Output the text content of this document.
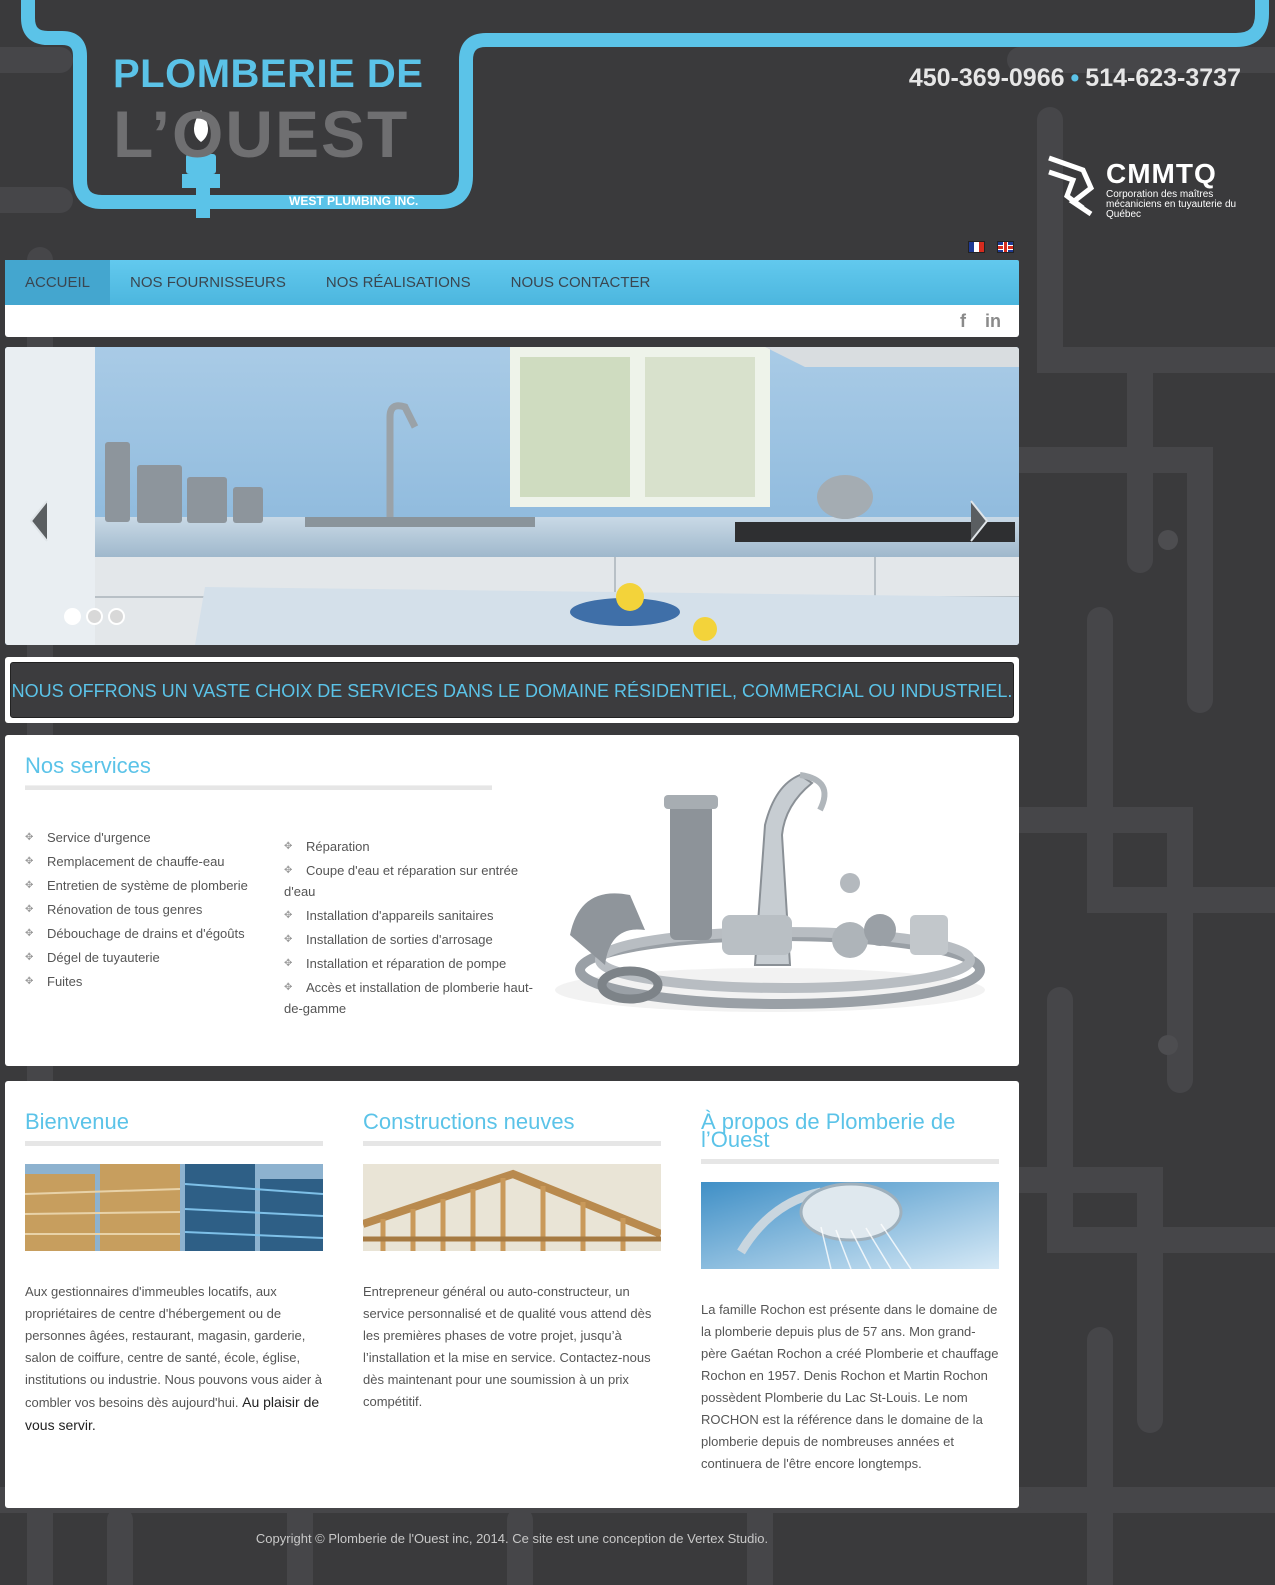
PLOMBERIE DE
L’OUEST
WEST PLUMBING INC.
450-369-0966 • 514-623-3737
CMMTQ
Corporation des maîtres mécaniciens en tuyauterie du Québec
ACCUEIL	NOS FOURNISSEURS	NOS RÉALISATIONS	NOUS CONTACTER
f in
NOUS OFFRONS UN VASTE CHOIX DE SERVICES DANS LE DOMAINE RÉSIDENTIEL, COMMERCIAL OU INDUSTRIEL.
Nos services
✥ Service d'urgence
✥ Remplacement de chauffe-eau
✥ Entretien de système de plomberie
✥ Rénovation de tous genres
✥ Débouchage de drains et d'égoûts
✥ Dégel de tuyauterie
✥ Fuites
✥ Réparation
✥ Coupe d'eau et réparation sur entrée d'eau
✥ Installation d'appareils sanitaires
✥ Installation de sorties d'arrosage
✥ Installation et réparation de pompe
✥ Accès et installation de plomberie haut-de-gamme
Bienvenue
Aux gestionnaires d'immeubles locatifs, aux propriétaires de centre d'hébergement ou de personnes âgées, restaurant, magasin, garderie, salon de coiffure, centre de santé, école, église, institutions ou industrie. Nous pouvons vous aider à combler vos besoins dès aujourd'hui. Au plaisir de vous servir.
Constructions neuves
Entrepreneur général ou auto-constructeur, un service personnalisé et de qualité vous attend dès les premières phases de votre projet, jusqu’à l’installation et la mise en service. Contactez-nous dès maintenant pour une soumission à un prix compétitif.
À propos de Plomberie de l’Ouest
La famille Rochon est présente dans le domaine de la plomberie depuis plus de 57 ans. Mon grand-père Gaétan Rochon a créé Plomberie et chauffage Rochon en 1957. Denis Rochon et Martin Rochon possèdent Plomberie du Lac St-Louis. Le nom ROCHON est la référence dans le domaine de la plomberie depuis de nombreuses années et continuera de l'être encore longtemps.
Copyright © Plomberie de l'Ouest inc, 2014. Ce site est une conception de Vertex Studio.
